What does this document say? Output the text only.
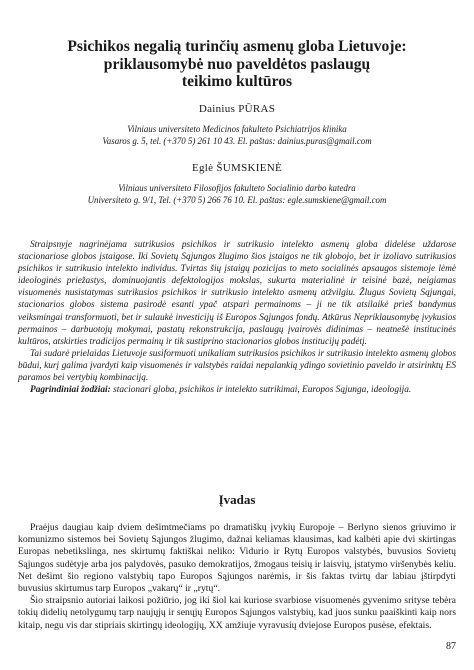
Psichikos negalią turinčių asmenų globa Lietuvoje:
priklausomybė nuo paveldėtos paslaugų
teikimo kultūros
Dainius PŪRAS
Vilniaus universiteto Medicinos fakulteto Psichiatrijos klinika
Vasaros g. 5, tel. (+370 5) 261 10 43. El. paštas: dainius.puras@gmail.com
Eglė ŠUMSKIENĖ
Vilniaus universiteto Filosofijos fakulteto Socialinio darbo katedra
Universiteto g. 9/1, Tel. (+370 5) 266 76 10. El. paštas: egle.sumskiene@gmail.com

Straipsnyje nagrinėjama sutrikusios psichikos ir sutrikusio intelekto asmenų globa didelėse uždarose stacionariose globos įstaigose. Iki Sovietų Sąjungos žlugimo šios įstaigos ne tik globojo, bet ir izoliavo sutrikusios psichikos ir sutrikusio intelekto individus. Tvirtas šių įstaigų pozicijas to meto socialinės apsaugos sistemoje lėmė ideologinės priežastys, dominuojantis defektologijos mokslas, sukurta materialinė ir teisinė bazė, neigiamas visuomenės nusistatymas sutrikusios psichikos ir sutrikusio intelekto asmenų atžvilgiu. Žlugus Sovietų Sąjungai, stacionarios globos sistema pasirodė esanti ypač atspari permainoms – ji ne tik atsilaikė prieš bandymus veiksmingai transformuoti, bet ir sulaukė investicijų iš Europos Sąjungos fondų. Atkūrus Nepriklausomybę įvykusios permainos – darbuotojų mokymai, pastatų rekonstrukcija, paslaugų įvairovės didinimas – neatnešė institucinės kultūros, atskirties tradicijos permainų ir tik sustiprino stacionarios globos institucijų padėtį.

Tai sudarė prielaidas Lietuvoje susiformuoti unikaliam sutrikusios psichikos ir sutrikusio intelekto asmenų globos būdui, kurį galima įvardyti kaip visuomenės ir valstybės raidai nepalankią ydingo sovietinio paveldo ir atsirinktų ES paramos bei vertybių kombinaciją.

Pagrindiniai žodžiai: stacionari globa, psichikos ir intelekto sutrikimai, Europos Sąjunga, ideologija.

Įvadas

Praėjus daugiau kaip dviem dešimtmečiams po dramatiškų įvykių Europoje – Berlyno sienos griuvimo ir komunizmo sistemos bei Sovietų Sąjungos žlugimo, dažnai keliamas klausimas, kad kalbėti apie dvi skirtingas Europas nebetikslinga, nes skirtumų faktiškai neliko: Vidurio ir Rytų Europos valstybės, buvusios Sovietų Sąjungos sudėtyje arba jos palydovės, pasuko demokratijos, žmogaus teisių ir laisvių, įstatymo viršenybės keliu. Net dešimt šio regiono valstybių tapo Europos Sąjungos narėmis, ir šis faktas tvirtų dar labiau įštirpdyti buvusius skirtumus tarp Europos „vakarų“ ir „rytų“.

Šio straipsnio autoriai laikosi požiūrio, jog iki šiol kai kuriose svarbiose visuomenės gyvenimo srityse tebėra tokių didelių netolygumų tarp naujųjų ir senųjų Europos Sąjungos valstybių, kad juos sunku paaiškinti kaip nors kitaip, negu vis dar stipriais skirtingų ideologijų, XX amžiuje vyravusių dviejose Europos pusėse, efektais.

87
